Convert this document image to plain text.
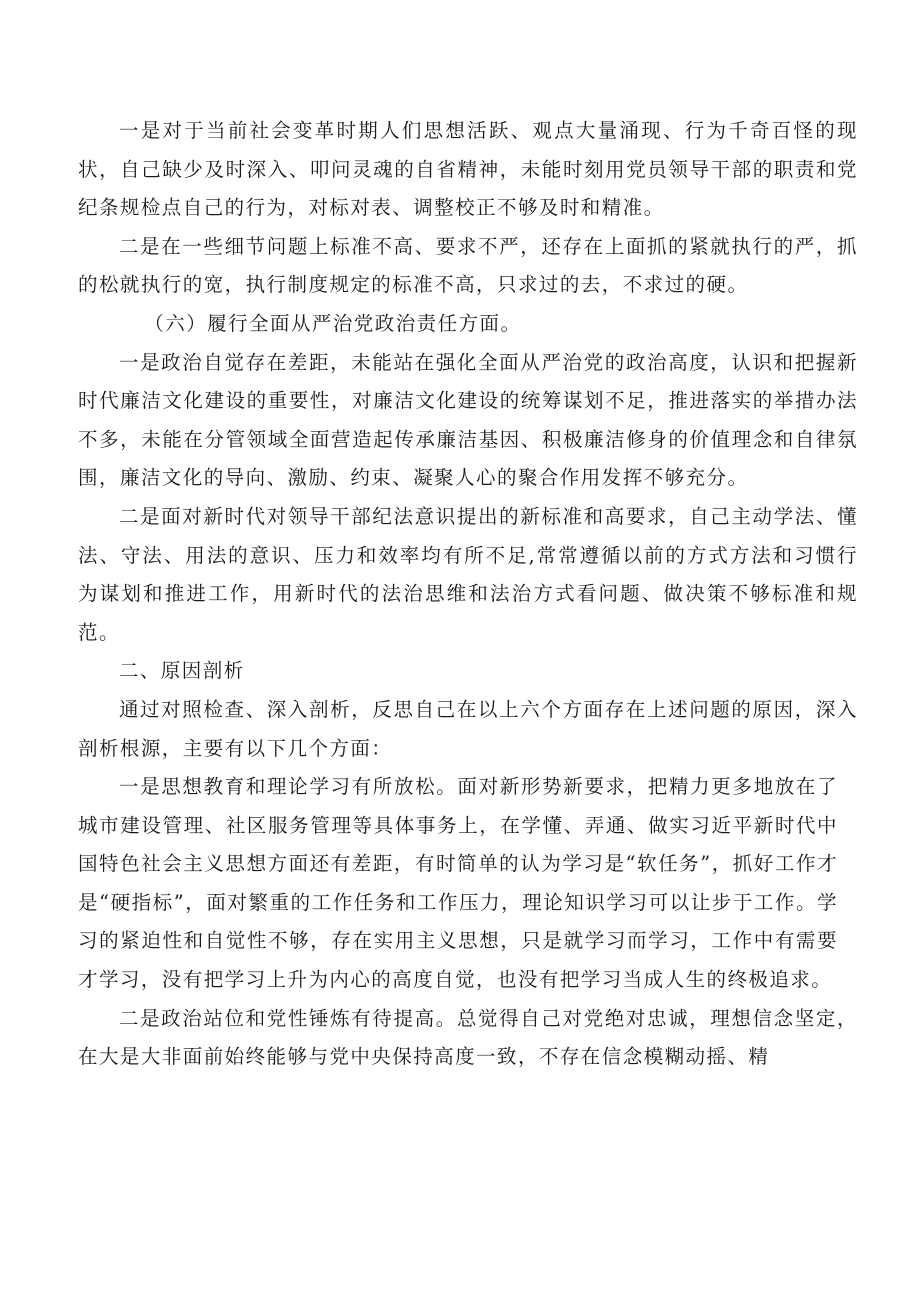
一是对于当前社会变革时期人们思想活跃、观点大量涌现、行为千奇百怪的现状，自己缺少及时深入、叩问灵魂的自省精神，未能时刻用党员领导干部的职责和党纪条规检点自己的行为，对标对表、调整校正不够及时和精准。

二是在一些细节问题上标准不高、要求不严，还存在上面抓的紧就执行的严，抓的松就执行的宽，执行制度规定的标准不高，只求过的去，不求过的硬。

（六）履行全面从严治党政治责任方面。

一是政治自觉存在差距，未能站在强化全面从严治党的政治高度，认识和把握新时代廉洁文化建设的重要性，对廉洁文化建设的统筹谋划不足，推进落实的举措办法不多，未能在分管领域全面营造起传承廉洁基因、积极廉洁修身的价值理念和自律氛围，廉洁文化的导向、激励、约束、凝聚人心的聚合作用发挥不够充分。

二是面对新时代对领导干部纪法意识提出的新标准和高要求，自己主动学法、懂法、守法、用法的意识、压力和效率均有所不足,常常遵循以前的方式方法和习惯行为谋划和推进工作，用新时代的法治思维和法治方式看问题、做决策不够标准和规范。

二、原因剖析

通过对照检查、深入剖析，反思自己在以上六个方面存在上述问题的原因，深入剖析根源，主要有以下几个方面：

一是思想教育和理论学习有所放松。面对新形势新要求，把精力更多地放在了城市建设管理、社区服务管理等具体事务上，在学懂、弄通、做实习近平新时代中国特色社会主义思想方面还有差距，有时简单的认为学习是“软任务”，抓好工作才是“硬指标”，面对繁重的工作任务和工作压力，理论知识学习可以让步于工作。学习的紧迫性和自觉性不够，存在实用主义思想，只是就学习而学习，工作中有需要才学习，没有把学习上升为内心的高度自觉，也没有把学习当成人生的终极追求。

二是政治站位和党性锤炼有待提高。总觉得自己对党绝对忠诚，理想信念坚定，在大是大非面前始终能够与党中央保持高度一致，不存在信念模糊动摇、精
